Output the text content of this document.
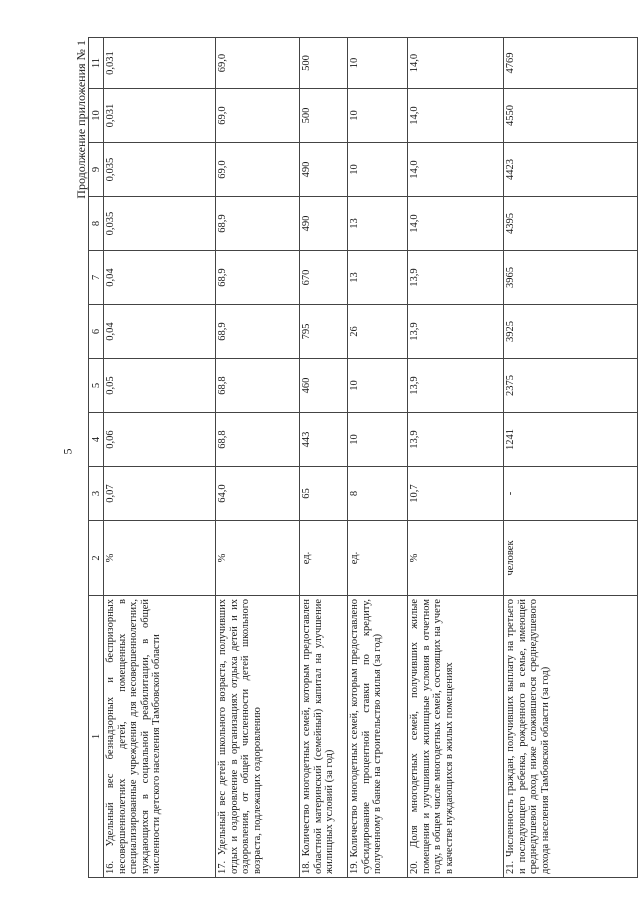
5
Продолжение приложения № 1
1	2	3	4	5	6	7	8	9	10	11
16. Удельный вес безнадзорных и беспризорных несовершеннолетних детей, помещенных в специализированные учреждения для несовершеннолетних, нуждающихся в социальной реабилитации, в общей численности детского населения Тамбовской области	%	0,07	0,06	0,05	0,04	0,04	0,035	0,035	0,031	0,031
17. Удельный вес детей школьного возраста, получивших отдых и оздоровление в организациях отдыха детей и их оздоровления, от общей численности детей школьного возраста, подлежащих оздоровлению	%	64,0	68,8	68,8	68,9	68,9	68,9	69,0	69,0	69,0
18. Количество многодетных семей, которым предоставлен областной материнский (семейный) капитал на улучшение жилищных условий (за год)	ед.	65	443	460	795	670	490	490	500	500
19. Количество многодетных семей, которым предоставлено субсидирование процентной ставки по кредиту, полученному в банке на строительство жилья (за год)	ед.	8	10	10	26	13	13	10	10	10
20. Доля многодетных семей, получивших жилые помещения и улучшивших жилищные условия в отчетном году, в общем числе многодетных семей, состоящих на учете в качестве нуждающихся в жилых помещениях	%	10,7	13,9	13,9	13,9	13,9	14,0	14,0	14,0	14,0
21. Численность граждан, получивших выплату на третьего и последующего ребенка, рожденного в семье, имеющей среднедушевой доход ниже сложившегося среднедушевого дохода населения Тамбовской области (за год)	человек	-	1241	2375	3925	3965	4395	4423	4550	4769
